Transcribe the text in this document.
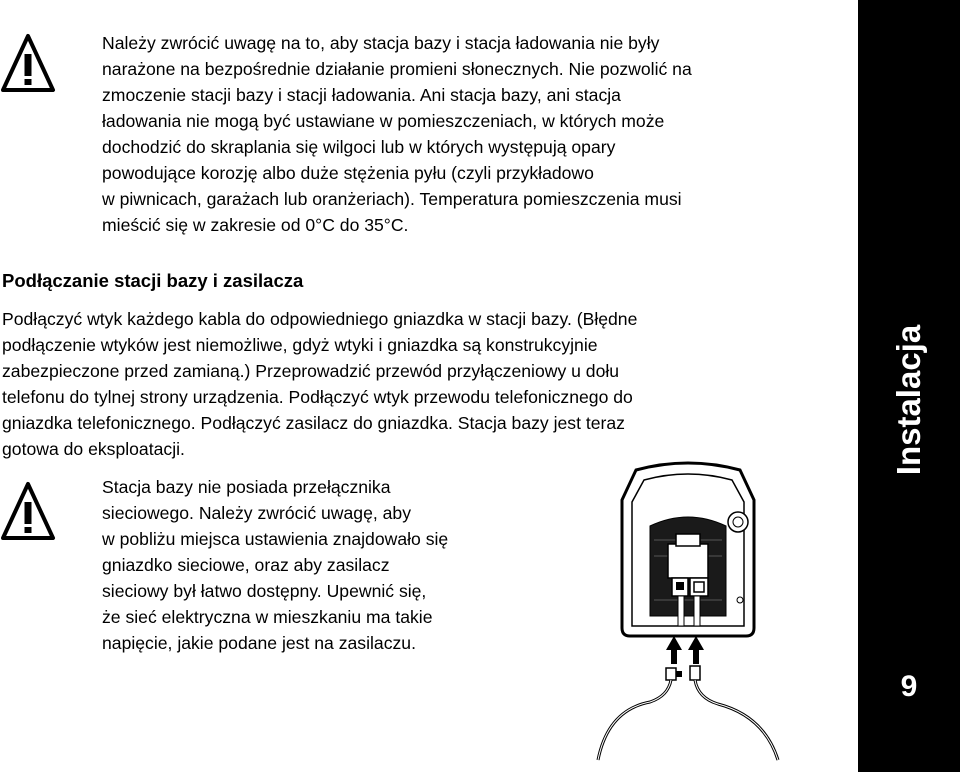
Należy zwrócić uwagę na to, aby stacja bazy i stacja ładowania nie były
narażone na bezpośrednie działanie promieni słonecznych. Nie pozwolić na
zmoczenie stacji bazy i stacji ładowania. Ani stacja bazy, ani stacja
ładowania nie mogą być ustawiane w pomieszczeniach, w których może
dochodzić do skraplania się wilgoci lub w których występują opary
powodujące korozję albo duże stężenia pyłu (czyli przykładowo
w piwnicach, garażach lub oranżeriach). Temperatura pomieszczenia musi
mieścić się w zakresie od 0°C do 35°C.
Podłączanie stacji bazy i zasilacza
Podłączyć wtyk każdego kabla do odpowiedniego gniazdka w stacji bazy. (Błędne
podłączenie wtyków jest niemożliwe, gdyż wtyki i gniazdka są konstrukcyjnie
zabezpieczone przed zamianą.) Przeprowadzić przewód przyłączeniowy u dołu
telefonu do tylnej strony urządzenia. Podłączyć wtyk przewodu telefonicznego do
gniazdka telefonicznego. Podłączyć zasilacz do gniazdka. Stacja bazy jest teraz
gotowa do eksploatacji.
Stacja bazy nie posiada przełącznika
sieciowego. Należy zwrócić uwagę, aby
w pobliżu miejsca ustawienia znajdowało się
gniazdko sieciowe, oraz aby zasilacz
sieciowy był łatwo dostępny. Upewnić się,
że sieć elektryczna w mieszkaniu ma takie
napięcie, jakie podane jest na zasilaczu.
Instalacja
9
